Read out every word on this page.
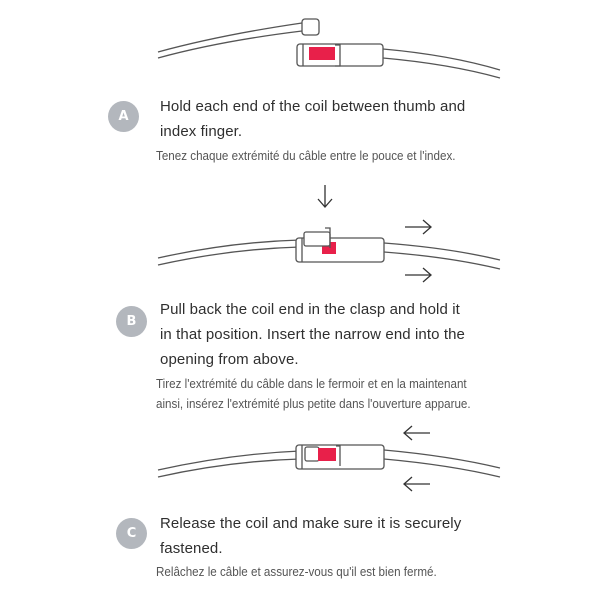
A
Hold each end of the coil between thumb and
index finger.
Tenez chaque extrémité du câble entre le pouce et l'index.
B
Pull back the coil end in the clasp and hold it
in that position. Insert the narrow end into the
opening from above.
Tirez l'extrémité du câble dans le fermoir et en la maintenant
ainsi, insérez l'extrémité plus petite dans l'ouverture apparue.
C
Release the coil and make sure it is securely
fastened.
Relâchez le câble et assurez-vous qu'il est bien fermé.
